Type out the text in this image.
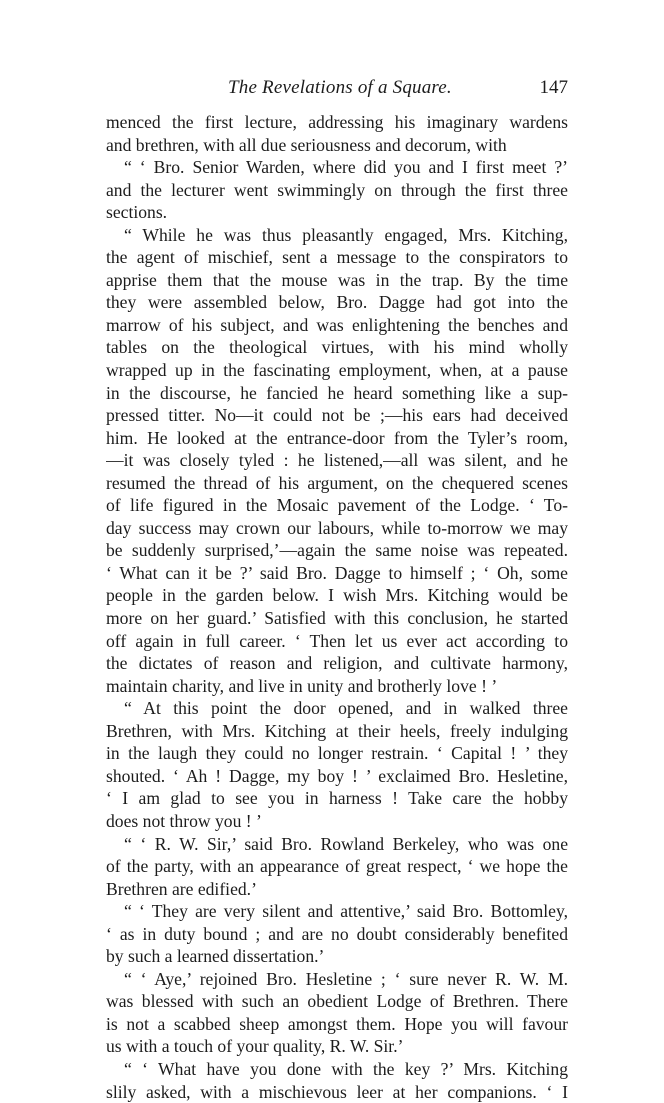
The Revelations of a Square.	147
menced the first lecture, addressing his imaginary wardens
and brethren, with all due seriousness and decorum, with
“ ‘ Bro. Senior Warden, where did you and I first meet ?’
and the lecturer went swimmingly on through the first three
sections.
“ While he was thus pleasantly engaged, Mrs. Kitching,
the agent of mischief, sent a message to the conspirators to
apprise them that the mouse was in the trap. By the time
they were assembled below, Bro. Dagge had got into the
marrow of his subject, and was enlightening the benches and
tables on the theological virtues, with his mind wholly
wrapped up in the fascinating employment, when, at a pause
in the discourse, he fancied he heard something like a sup-
pressed titter. No—it could not be ;—his ears had deceived
him. He looked at the entrance-door from the Tyler’s room,
—it was closely tyled : he listened,—all was silent, and he
resumed the thread of his argument, on the chequered scenes
of life figured in the Mosaic pavement of the Lodge. ‘ To-
day success may crown our labours, while to-morrow we may
be suddenly surprised,’—again the same noise was repeated.
‘ What can it be ?’ said Bro. Dagge to himself ; ‘ Oh, some
people in the garden below. I wish Mrs. Kitching would be
more on her guard.’ Satisfied with this conclusion, he started
off again in full career. ‘ Then let us ever act according to
the dictates of reason and religion, and cultivate harmony,
maintain charity, and live in unity and brotherly love ! ’
“ At this point the door opened, and in walked three
Brethren, with Mrs. Kitching at their heels, freely indulging
in the laugh they could no longer restrain. ‘ Capital ! ’ they
shouted. ‘ Ah ! Dagge, my boy ! ’ exclaimed Bro. Hesletine,
‘ I am glad to see you in harness ! Take care the hobby
does not throw you ! ’
“ ‘ R. W. Sir,’ said Bro. Rowland Berkeley, who was one
of the party, with an appearance of great respect, ‘ we hope the
Brethren are edified.’
“ ‘ They are very silent and attentive,’ said Bro. Bottomley,
‘ as in duty bound ; and are no doubt considerably benefited
by such a learned dissertation.’
“ ‘ Aye,’ rejoined Bro. Hesletine ; ‘ sure never R. W. M.
was blessed with such an obedient Lodge of Brethren. There
is not a scabbed sheep amongst them. Hope you will favour
us with a touch of your quality, R. W. Sir.’
“ ‘ What have you done with the key ?’ Mrs. Kitching
slily asked, with a mischievous leer at her companions. ‘ I
